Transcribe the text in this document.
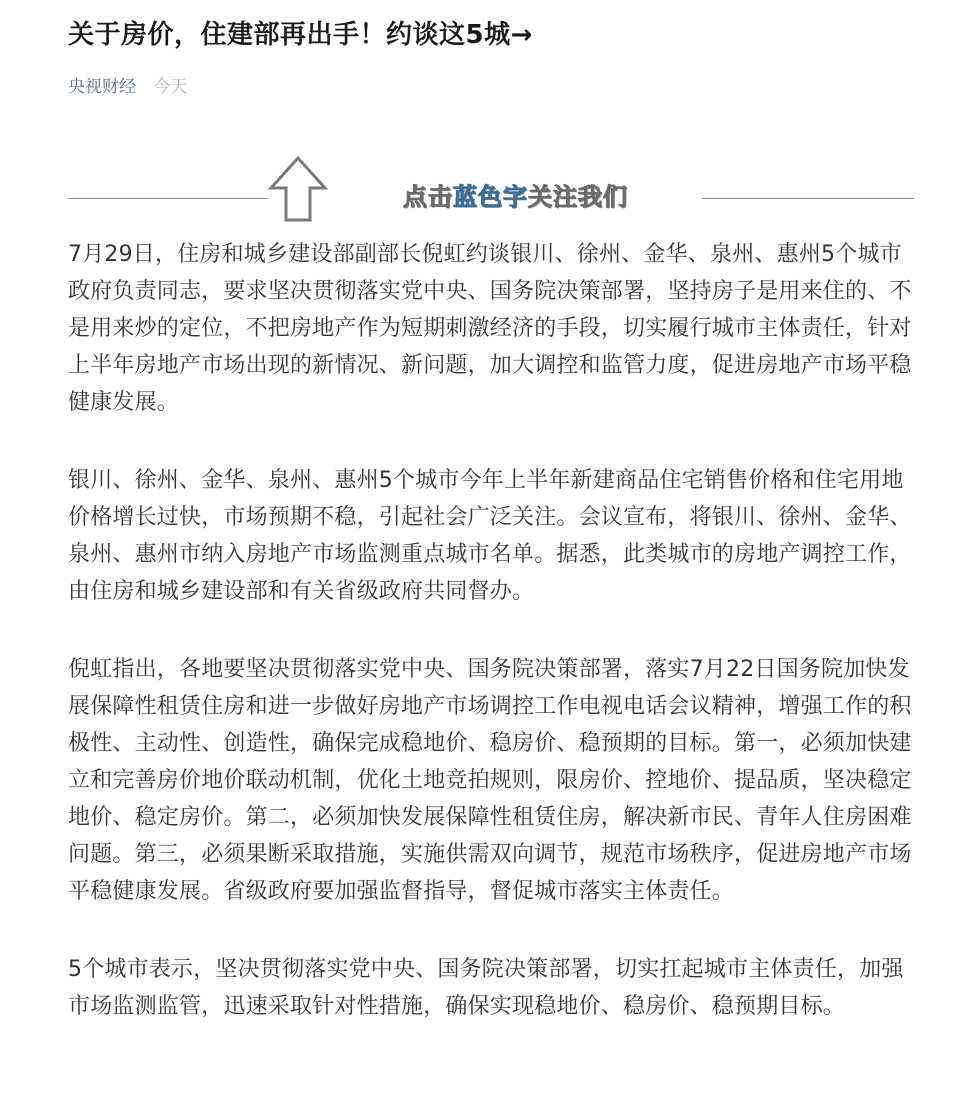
关于房价，住建部再出手！约谈这5城→
央视财经 今天
点击蓝色字关注我们

7月29日，住房和城乡建设部副部长倪虹约谈银川、徐州、金华、泉州、惠州5个城市政府负责同志，要求坚决贯彻落实党中央、国务院决策部署，坚持房子是用来住的、不是用来炒的定位，不把房地产作为短期刺激经济的手段，切实履行城市主体责任，针对上半年房地产市场出现的新情况、新问题，加大调控和监管力度，促进房地产市场平稳健康发展。

银川、徐州、金华、泉州、惠州5个城市今年上半年新建商品住宅销售价格和住宅用地价格增长过快，市场预期不稳，引起社会广泛关注。会议宣布，将银川、徐州、金华、泉州、惠州市纳入房地产市场监测重点城市名单。据悉，此类城市的房地产调控工作，由住房和城乡建设部和有关省级政府共同督办。

倪虹指出，各地要坚决贯彻落实党中央、国务院决策部署，落实7月22日国务院加快发展保障性租赁住房和进一步做好房地产市场调控工作电视电话会议精神，增强工作的积极性、主动性、创造性，确保完成稳地价、稳房价、稳预期的目标。第一，必须加快建立和完善房价地价联动机制，优化土地竞拍规则，限房价、控地价、提品质，坚决稳定地价、稳定房价。第二，必须加快发展保障性租赁住房，解决新市民、青年人住房困难问题。第三，必须果断采取措施，实施供需双向调节，规范市场秩序，促进房地产市场平稳健康发展。省级政府要加强监督指导，督促城市落实主体责任。

5个城市表示，坚决贯彻落实党中央、国务院决策部署，切实扛起城市主体责任，加强市场监测监管，迅速采取针对性措施，确保实现稳地价、稳房价、稳预期目标。
